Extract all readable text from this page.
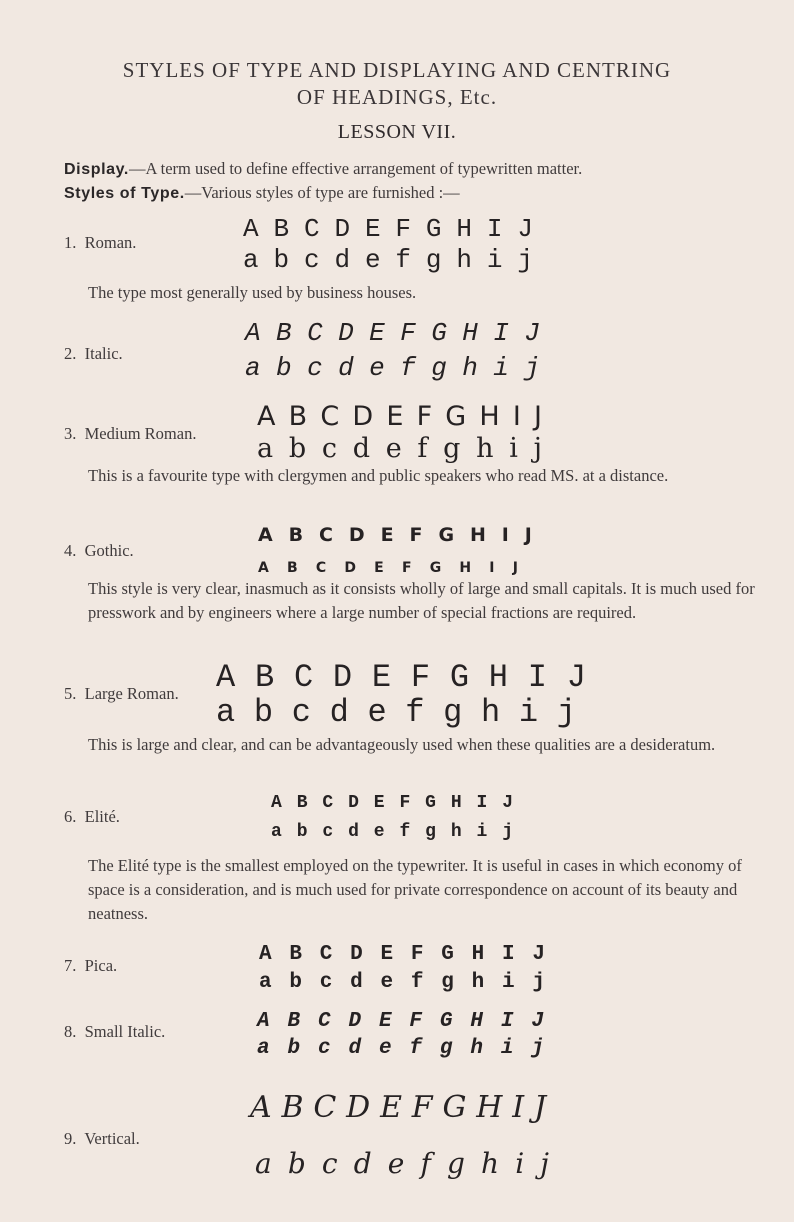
STYLES OF TYPE AND DISPLAYING AND CENTRING
OF HEADINGS, Etc.
LESSON VII.
Display.—A term used to define effective arrangement of typewritten matter.
Styles of Type.—Various styles of type are furnished :—
1. Roman.	A B C D E F G H I J
a b c d e f g h i j
The type most generally used by business houses.
2. Italic.
A B C D E F G H I J
a b c d e f g h i j
3. Medium Roman.
A B C D E F G H I J
a b c d e f g h i j
This is a favourite type with clergymen and public speakers who read MS. at a distance.
4. Gothic.
A B C D E F G H I J
A B C D E F G H I J
This style is very clear, inasmuch as it consists wholly of large and small capitals. It is much used for presswork and by engineers where a large number of special fractions are required.
5. Large Roman. A B C D E F G H I J
a b c d e f g h i j
This is large and clear, and can be advantageously used when these qualities are a desideratum.
6. Elité.
A B C D E F G H I J
a b c d e f g h i j
The Elité type is the smallest employed on the typewriter. It is useful in cases in which economy of space is a consideration, and is much used for private correspondence on account of its beauty and neatness.
7. Pica.	A B C D E F G H I J
a b c d e f g h i j
8. Small Italic.	A B C D E F G H I J
a b c d e f g h i j
9. Vertical.
A B C D E F G H I J
a b c d e f g h i j
